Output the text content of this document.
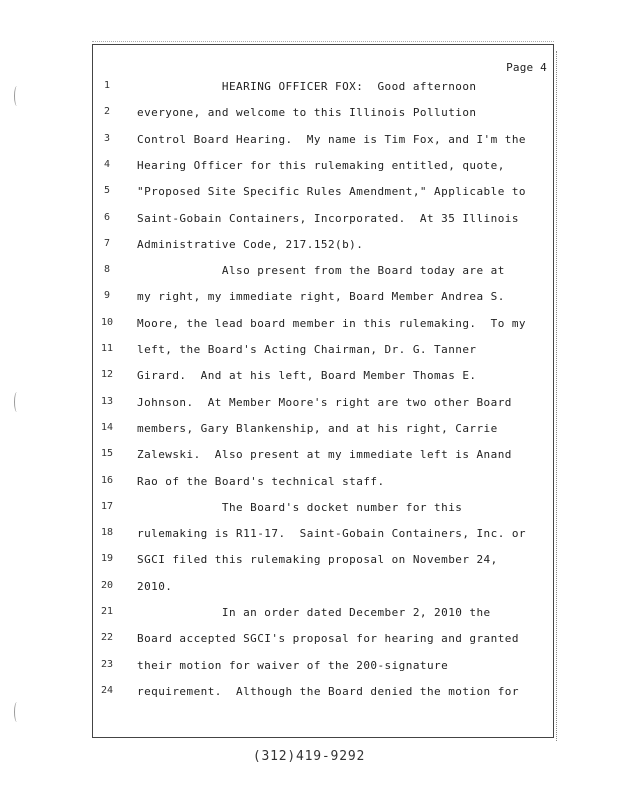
Page 4
1	HEARING OFFICER FOX:  Good afternoon
2	everyone, and welcome to this Illinois Pollution
3	Control Board Hearing.  My name is Tim Fox, and I'm the
4	Hearing Officer for this rulemaking entitled, quote,
5	"Proposed Site Specific Rules Amendment," Applicable to
6	Saint-Gobain Containers, Incorporated.  At 35 Illinois
7	Administrative Code, 217.152(b).
8	Also present from the Board today are at
9	my right, my immediate right, Board Member Andrea S.
10	Moore, the lead board member in this rulemaking.  To my
11	left, the Board's Acting Chairman, Dr. G. Tanner
12	Girard.  And at his left, Board Member Thomas E.
13	Johnson.  At Member Moore's right are two other Board
14	members, Gary Blankenship, and at his right, Carrie
15	Zalewski.  Also present at my immediate left is Anand
16	Rao of the Board's technical staff.
17	The Board's docket number for this
18	rulemaking is R11-17.  Saint-Gobain Containers, Inc. or
19	SGCI filed this rulemaking proposal on November 24,
20	2010.
21	In an order dated December 2, 2010 the
22	Board accepted SGCI's proposal for hearing and granted
23	their motion for waiver of the 200-signature
24	requirement.  Although the Board denied the motion for
(312)419-9292
